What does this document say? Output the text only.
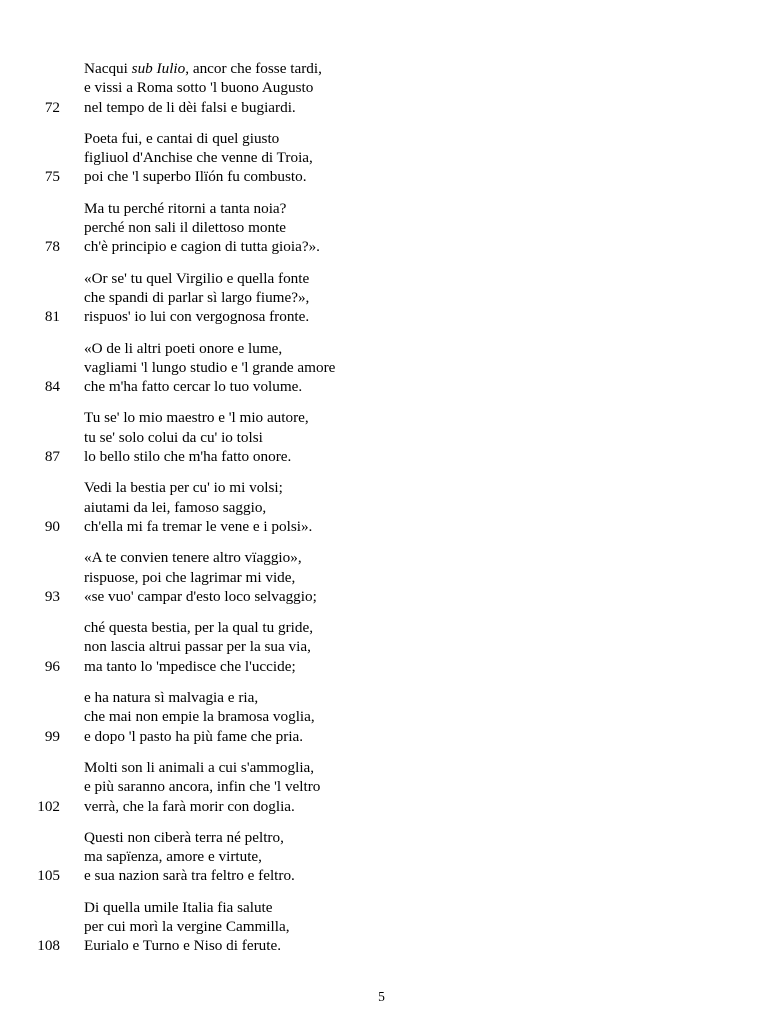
Nacqui sub Iulio, ancor che fosse tardi,
e vissi a Roma sotto 'l buono Augusto
nel tempo de li dèi falsi e bugiardi.
72
Poeta fui, e cantai di quel giusto
figliuol d'Anchise che venne di Troia,
poi che 'l superbo Ilïón fu combusto.
75
Ma tu perché ritorni a tanta noia?
perché non sali il dilettoso monte
ch'è principio e cagion di tutta gioia?».
78
«Or se' tu quel Virgilio e quella fonte
che spandi di parlar sì largo fiume?»,
rispuos' io lui con vergognosa fronte.
81
«O de li altri poeti onore e lume,
vagliami 'l lungo studio e 'l grande amore
che m'ha fatto cercar lo tuo volume.
84
Tu se' lo mio maestro e 'l mio autore,
tu se' solo colui da cu' io tolsi
lo bello stilo che m'ha fatto onore.
87
Vedi la bestia per cu' io mi volsi;
aiutami da lei, famoso saggio,
ch'ella mi fa tremar le vene e i polsi».
90
«A te convien tenere altro vïaggio»,
rispuose, poi che lagrimar mi vide,
«se vuo' campar d'esto loco selvaggio;
93
ché questa bestia, per la qual tu gride,
non lascia altrui passar per la sua via,
ma tanto lo 'mpedisce che l'uccide;
96
e ha natura sì malvagia e ria,
che mai non empie la bramosa voglia,
e dopo 'l pasto ha più fame che pria.
99
Molti son li animali a cui s'ammoglia,
e più saranno ancora, infin che 'l veltro
verrà, che la farà morir con doglia.
102
Questi non ciberà terra né peltro,
ma sapïenza, amore e virtute,
e sua nazion sarà tra feltro e feltro.
105
Di quella umile Italia fia salute
per cui morì la vergine Cammilla,
Eurialo e Turno e Niso di ferute.
108
5
